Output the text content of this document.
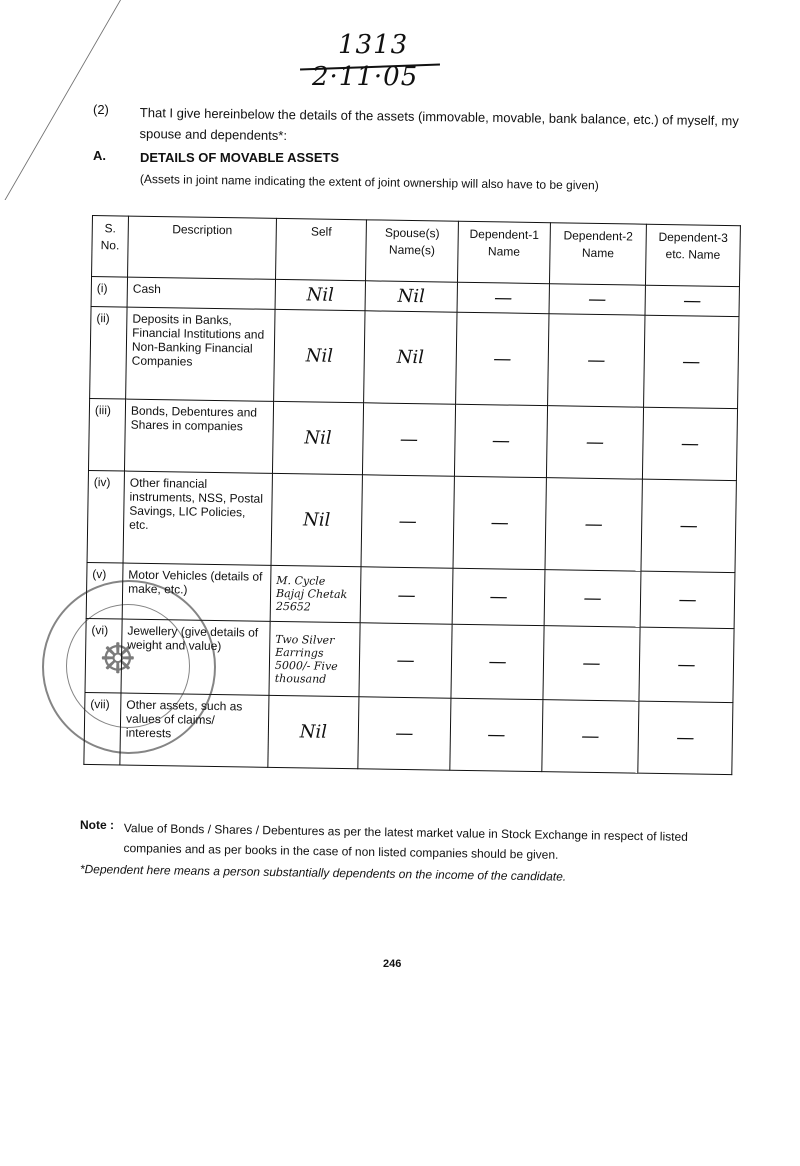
1313
2·11·05
(2) That I give hereinbelow the details of the assets (immovable, movable, bank balance, etc.) of myself, my spouse and dependents*:
A.	DETAILS OF MOVABLE ASSETS
(Assets in joint name indicating the extent of joint ownership will also have to be given)
S. No.	Description	Self	Spouse(s) Name(s)	Dependent-1 Name	Dependent-2 Name	Dependent-3 etc. Name
(i)	Cash	Nil	Nil	—	—	—
(ii)	Deposits in Banks, Financial Institutions and Non-Banking Financial Companies	Nil	Nil	—	—	—
(iii)	Bonds, Debentures and Shares in companies	Nil	—	—	—	—
(iv)	Other financial instruments, NSS, Postal Savings, LIC Policies, etc.	Nil	—	—	—	—
(v)	Motor Vehicles (details of make, etc.)	M. Cycle Bajaj Chetak 25652	—	—	—	—
(vi)	Jewellery (give details of weight and value)	Two Silver Earrings 5000/- Five thousand	—	—	—	—
(vii)	Other assets, such as values of claims/ interests	Nil	—	—	—	—
☸
Note : Value of Bonds / Shares / Debentures as per the latest market value in Stock Exchange in respect of listed companies and as per books in the case of non listed companies should be given.
*Dependent here means a person substantially dependents on the income of the candidate.
246
